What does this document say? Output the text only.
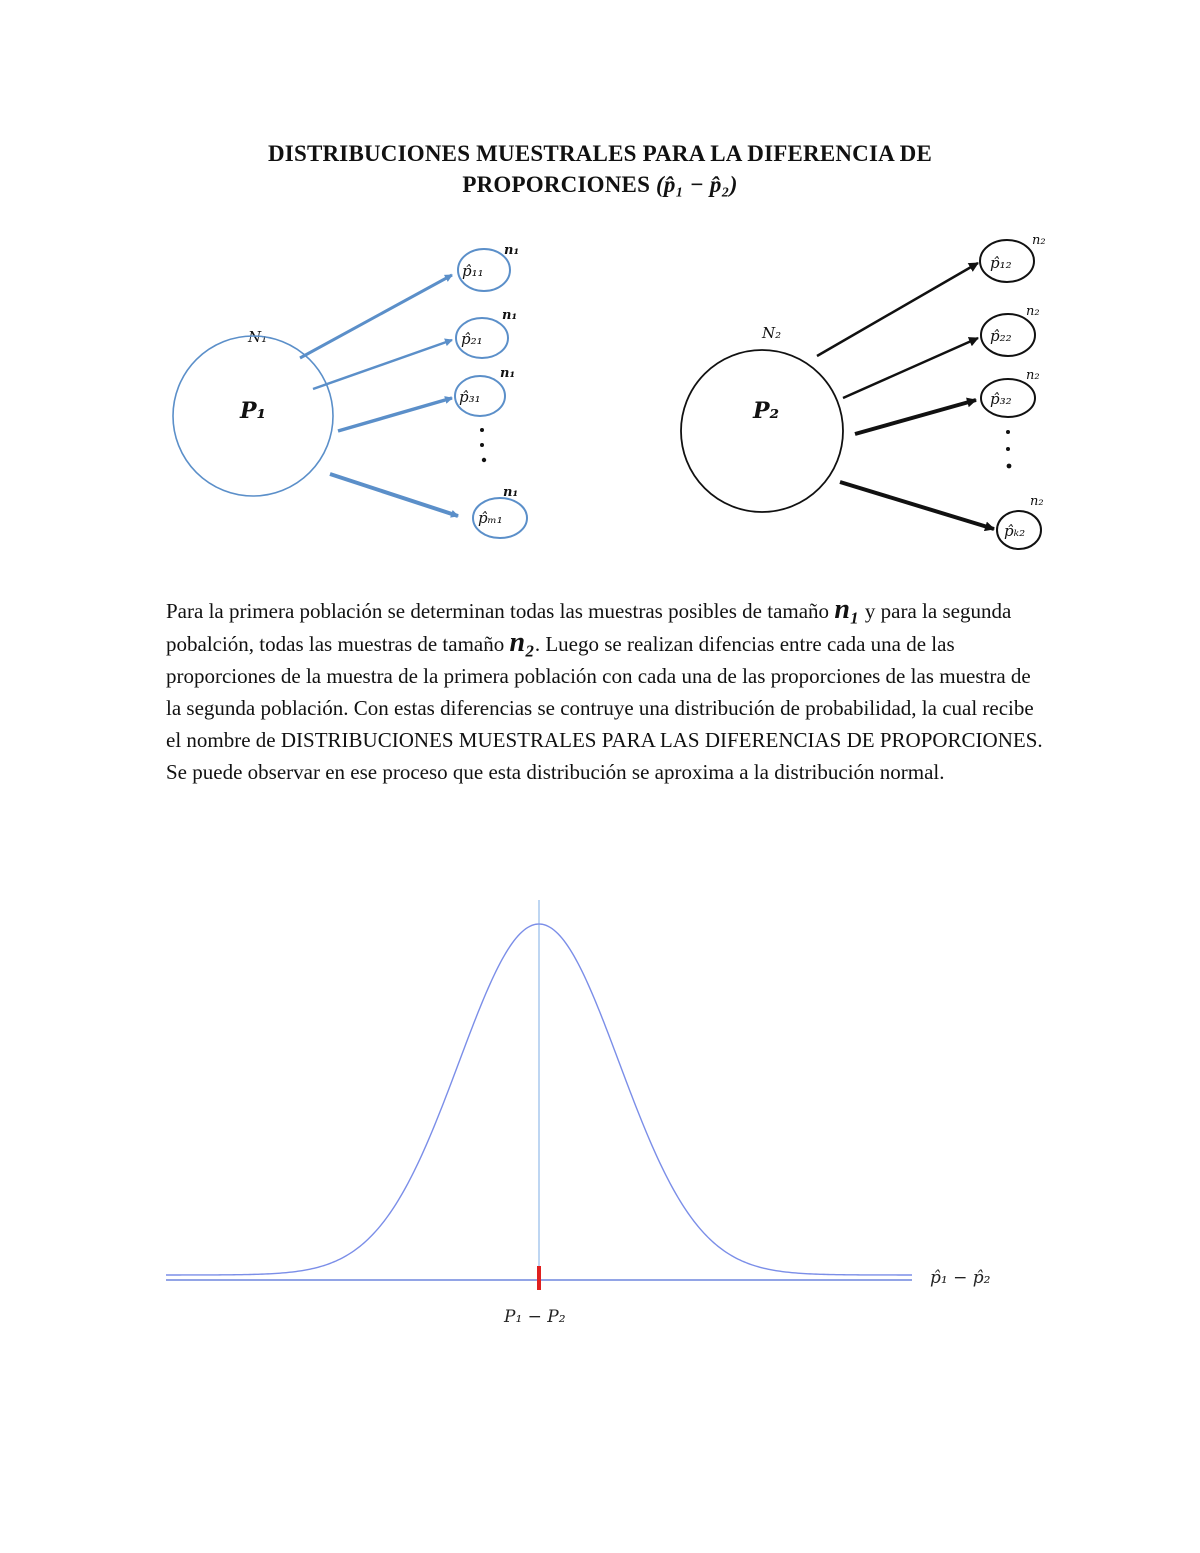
DISTRIBUCIONES MUESTRALES PARA LA DIFERENCIA DE
PROPORCIONES (p̂₁ − p̂₂)
N₁
P₁
p̂₁₁
n₁
p̂₂₁
n₁
p̂₃₁
n₁
p̂ₘ₁
n₁
N₂
P₂
p̂₁₂
n₂
p̂₂₂
n₂
p̂₃₂
n₂
p̂ₖ₂
n₂
P₁ − P₂
p̂₁ − p̂₂

Para la primera población se determinan todas las muestras posibles de tamaño n₁ y para la segunda pobalción, todas las muestras de tamaño n₂. Luego se realizan difencias entre cada una de las proporciones de la muestra de la primera población con cada una de las proporciones de las muestra de la segunda población. Con estas diferencias se contruye una distribución de probabilidad, la cual recibe el nombre de DISTRIBUCIONES MUESTRALES PARA LAS DIFERENCIAS DE PROPORCIONES. Se puede observar en ese proceso que esta distribución se aproxima a la distribución normal.
